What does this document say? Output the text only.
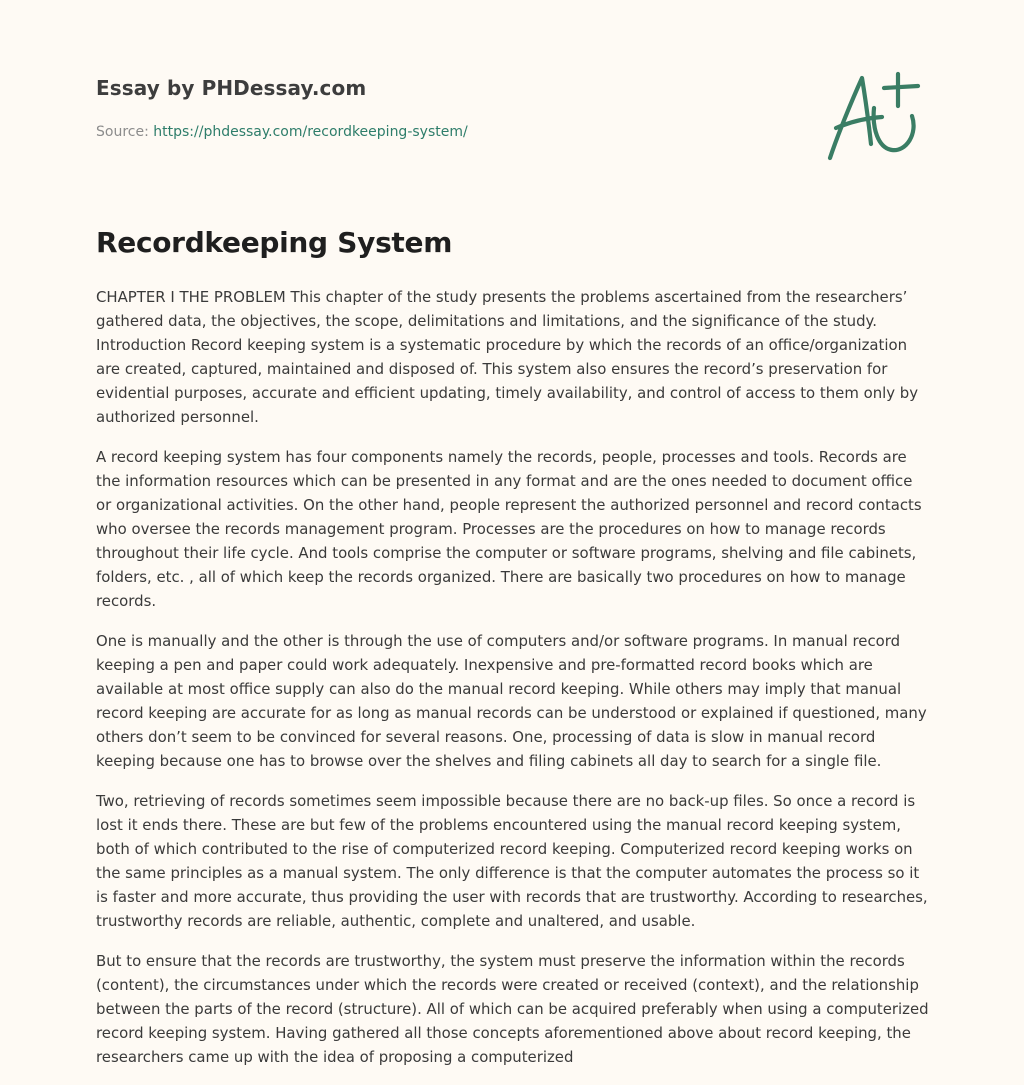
Essay by PHDessay.com
Source: https://phdessay.com/recordkeeping-system/
Recordkeeping System

CHAPTER I THE PROBLEM This chapter of the study presents the problems ascertained from the researchers’ gathered data, the objectives, the scope, delimitations and limitations, and the significance of the study. Introduction Record keeping system is a systematic procedure by which the records of an office/organization are created, captured, maintained and disposed of. This system also ensures the record’s preservation for evidential purposes, accurate and efficient updating, timely availability, and control of access to them only by authorized personnel.

A record keeping system has four components namely the records, people, processes and tools. Records are the information resources which can be presented in any format and are the ones needed to document office or organizational activities. On the other hand, people represent the authorized personnel and record contacts who oversee the records management program. Processes are the procedures on how to manage records throughout their life cycle. And tools comprise the computer or software programs, shelving and file cabinets, folders, etc. , all of which keep the records organized. There are basically two procedures on how to manage records.

One is manually and the other is through the use of computers and/or software programs. In manual record keeping a pen and paper could work adequately. Inexpensive and pre-formatted record books which are available at most office supply can also do the manual record keeping. While others may imply that manual record keeping are accurate for as long as manual records can be understood or explained if questioned, many others don’t seem to be convinced for several reasons. One, processing of data is slow in manual record keeping because one has to browse over the shelves and filing cabinets all day to search for a single file.

Two, retrieving of records sometimes seem impossible because there are no back-up files. So once a record is lost it ends there. These are but few of the problems encountered using the manual record keeping system, both of which contributed to the rise of computerized record keeping. Computerized record keeping works on the same principles as a manual system. The only difference is that the computer automates the process so it is faster and more accurate, thus providing the user with records that are trustworthy. According to researches, trustworthy records are reliable, authentic, complete and unaltered, and usable.

But to ensure that the records are trustworthy, the system must preserve the information within the records (content), the circumstances under which the records were created or received (context), and the relationship between the parts of the record (structure). All of which can be acquired preferably when using a computerized record keeping system. Having gathered all those concepts aforementioned above about record keeping, the researchers came up with the idea of proposing a computerized
